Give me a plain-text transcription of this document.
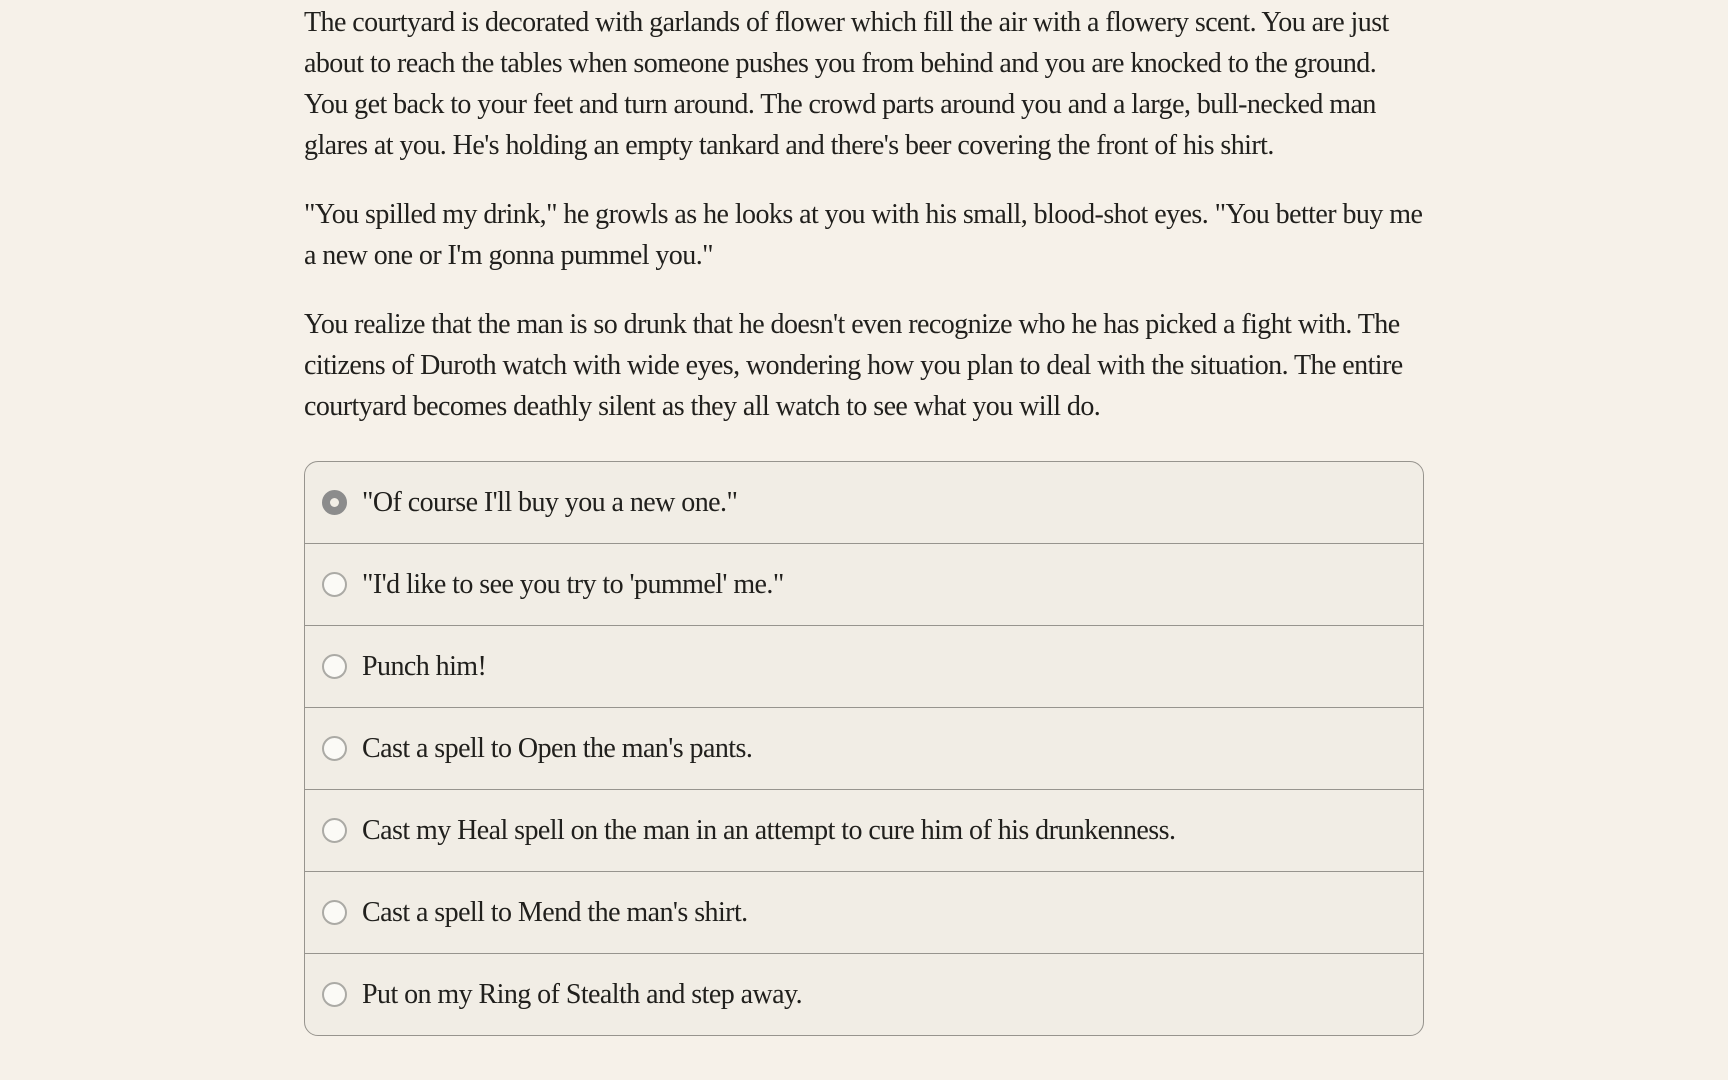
The courtyard is decorated with garlands of flower which fill the air with a flowery scent. You are just about to reach the tables when someone pushes you from behind and you are knocked to the ground. You get back to your feet and turn around. The crowd parts around you and a large, bull-necked man glares at you. He's holding an empty tankard and there's beer covering the front of his shirt.

"You spilled my drink," he growls as he looks at you with his small, blood-shot eyes. "You better buy me a new one or I'm gonna pummel you."

You realize that the man is so drunk that he doesn't even recognize who he has picked a fight with. The citizens of Duroth watch with wide eyes, wondering how you plan to deal with the situation. The entire courtyard becomes deathly silent as they all watch to see what you will do.

"Of course I'll buy you a new one."
"I'd like to see you try to 'pummel' me."
Punch him!
Cast a spell to Open the man's pants.
Cast my Heal spell on the man in an attempt to cure him of his drunkenness.
Cast a spell to Mend the man's shirt.
Put on my Ring of Stealth and step away.
